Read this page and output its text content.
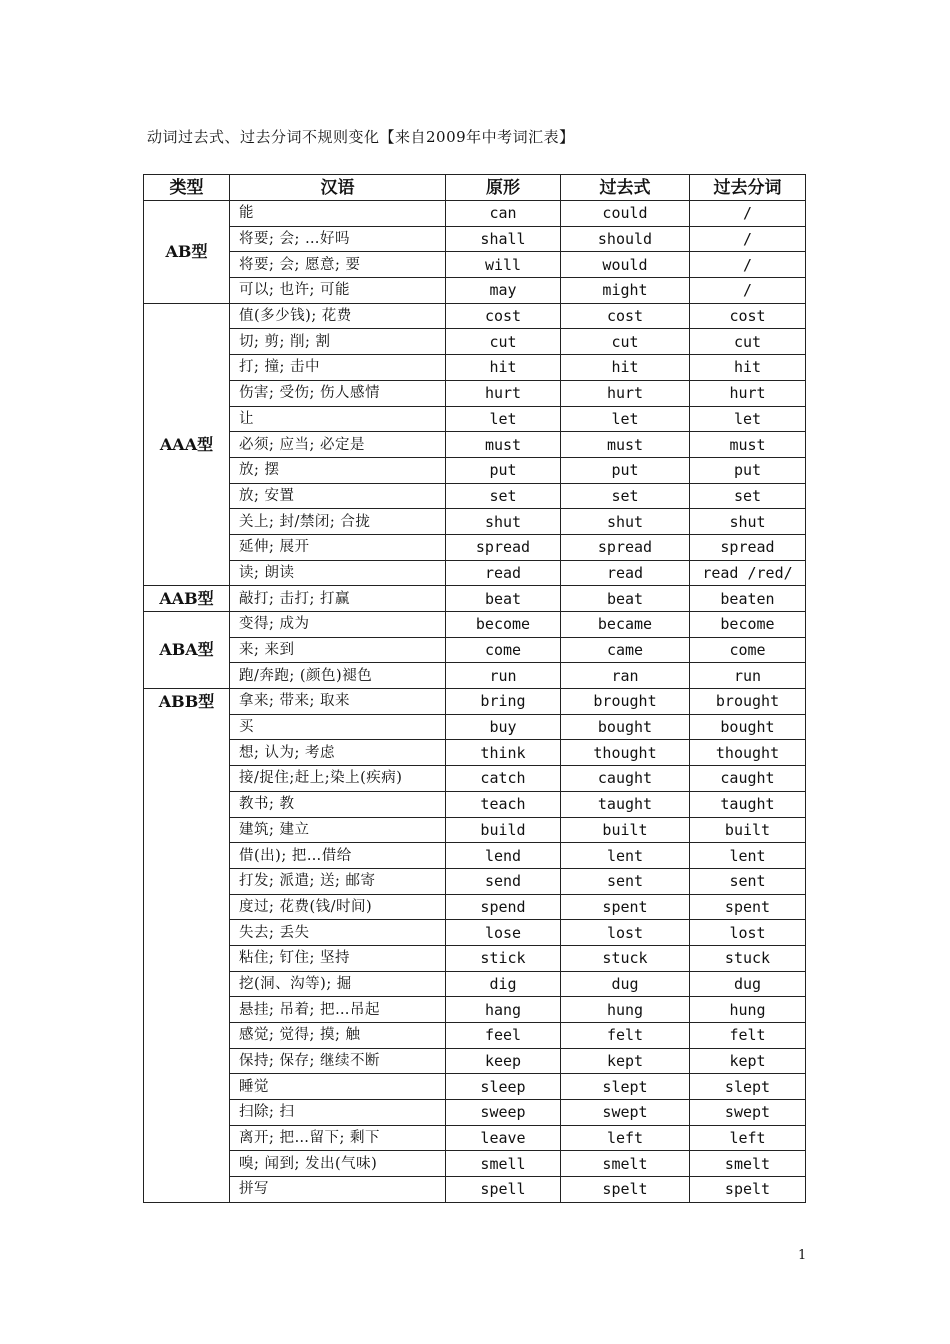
动词过去式、过去分词不规则变化【来自2009年中考词汇表】
类型	汉语	原形	过去式	过去分词
AB型	能	can	could	/
	将要; 会; …好吗	shall	should	/
	将要; 会; 愿意; 要	will	would	/
	可以; 也许; 可能	may	might	/
AAA型	值(多少钱); 花费	cost	cost	cost
	切; 剪; 削; 割	cut	cut	cut
	打; 撞; 击中	hit	hit	hit
	伤害; 受伤; 伤人感情	hurt	hurt	hurt
	让	let	let	let
	必须; 应当; 必定是	must	must	must
	放; 摆	put	put	put
	放; 安置	set	set	set
	关上; 封/禁闭; 合拢	shut	shut	shut
	延伸; 展开	spread	spread	spread
	读; 朗读	read	read	read /red/
AAB型	敲打; 击打; 打赢	beat	beat	beaten
ABA型	变得; 成为	become	became	become
	来; 来到	come	came	come
	跑/奔跑; (颜色)褪色	run	ran	run
ABB型	拿来; 带来; 取来	bring	brought	brought
	买	buy	bought	bought
	想; 认为; 考虑	think	thought	thought
	接/捉住;赶上;染上(疾病)	catch	caught	caught
	教书; 教	teach	taught	taught
	建筑; 建立	build	built	built
	借(出); 把…借给	lend	lent	lent
	打发; 派遣; 送; 邮寄	send	sent	sent
	度过; 花费(钱/时间)	spend	spent	spent
	失去; 丢失	lose	lost	lost
	粘住; 钉住; 坚持	stick	stuck	stuck
	挖(洞、沟等); 掘	dig	dug	dug
	悬挂; 吊着; 把…吊起	hang	hung	hung
	感觉; 觉得; 摸; 触	feel	felt	felt
	保持; 保存; 继续不断	keep	kept	kept
	睡觉	sleep	slept	slept
	扫除; 扫	sweep	swept	swept
	离开; 把…留下; 剩下	leave	left	left
	嗅; 闻到; 发出(气味)	smell	smelt	smelt
	拼写	spell	spelt	spelt
1
